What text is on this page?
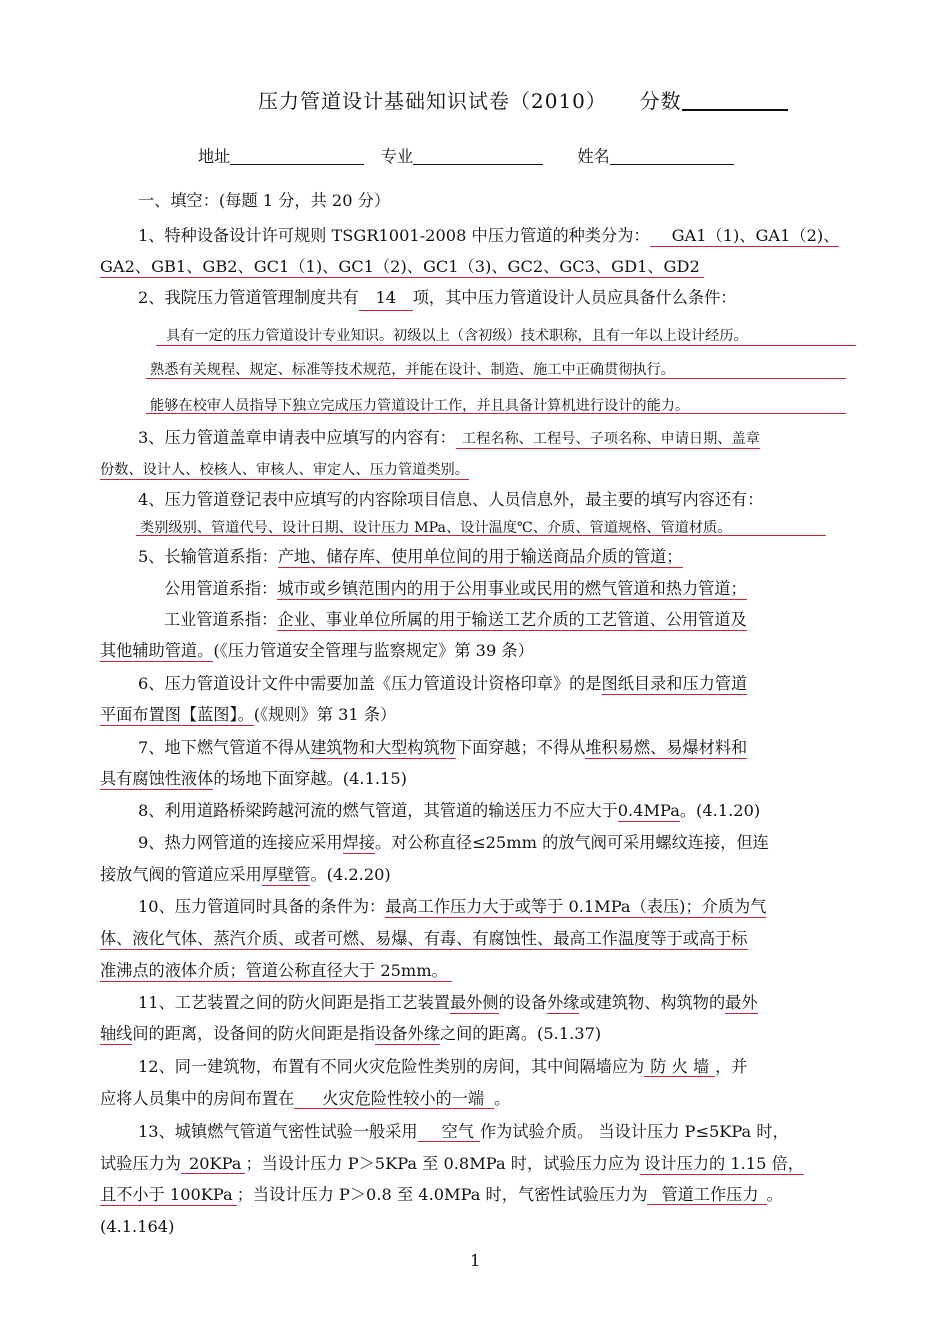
压力管道设计基础知识试卷（2010） 分数
地址	专业	姓名
一、填空：(每题 1 分，共 20 分）
1、特种设备设计许可规则 TSGR1001-2008 中压力管道的种类分为： GA1（1)、GA1（2)、
GA2、GB1、GB2、GC1（1)、GC1（2)、GC1（3)、GC2、GC3、GD1、GD2
2、我院压力管道管理制度共有 14 项，其中压力管道设计人员应具备什么条件：
具有一定的压力管道设计专业知识。初级以上（含初级）技术职称，且有一年以上设计经历。
熟悉有关规程、规定、标准等技术规范，并能在设计、制造、施工中正确贯彻执行。
能够在校审人员指导下独立完成压力管道设计工作，并且具备计算机进行设计的能力。
3、压力管道盖章申请表中应填写的内容有： 工程名称、工程号、子项名称、申请日期、盖章
份数、设计人、校核人、审核人、审定人、压力管道类别。
4、压力管道登记表中应填写的内容除项目信息、人员信息外，最主要的填写内容还有：
类别级别、管道代号、设计日期、设计压力 MPa、设计温度℃、介质、管道规格、管道材质。
5、长输管道系指：产地、储存库、使用单位间的用于输送商品介质的管道；
公用管道系指：城市或乡镇范围内的用于公用事业或民用的燃气管道和热力管道；
工业管道系指：企业、事业单位所属的用于输送工艺介质的工艺管道、公用管道及
其他辅助管道。(《压力管道安全管理与监察规定》第 39 条）
6、压力管道设计文件中需要加盖《压力管道设计资格印章》的是图纸目录和压力管道
平面布置图【蓝图】。(《规则》第 31 条）
7、地下燃气管道不得从建筑物和大型构筑物下面穿越；不得从堆积易燃、易爆材料和
具有腐蚀性液体的场地下面穿越。(4.1.15)
8、利用道路桥梁跨越河流的燃气管道，其管道的输送压力不应大于0.4MPa。(4.1.20)
9、热力网管道的连接应采用焊接。对公称直径≤25mm 的放气阀可采用螺纹连接，但连
接放气阀的管道应采用厚壁管。(4.2.20)
10、压力管道同时具备的条件为：最高工作压力大于或等于 0.1MPa（表压)；介质为气
体、液化气体、蒸汽介质、或者可燃、易爆、有毒、有腐蚀性、最高工作温度等于或高于标
准沸点的液体介质；管道公称直径大于 25mm。
11、工艺装置之间的防火间距是指工艺装置最外侧的设备外缘或建筑物、构筑物的最外
轴线间的距离，设备间的防火间距是指设备外缘之间的距离。(5.1.37)
12、同一建筑物，布置有不同火灾危险性类别的房间，其中间隔墙应为 防 火 墙 ，并
应将人员集中的房间布置在 火灾危险性较小的一端 。
13、城镇燃气管道气密性试验一般采用 空气 作为试验介质。 当设计压力 P≤5KPa 时，
试验压力为 20KPa ；当设计压力 P＞5KPa 至 0.8MPa 时，试验压力应为 设计压力的 1.15 倍，
且不小于 100KPa ；当设计压力 P＞0.8 至 4.0MPa 时，气密性试验压力为 管道工作压力 。
(4.1.164)
1
